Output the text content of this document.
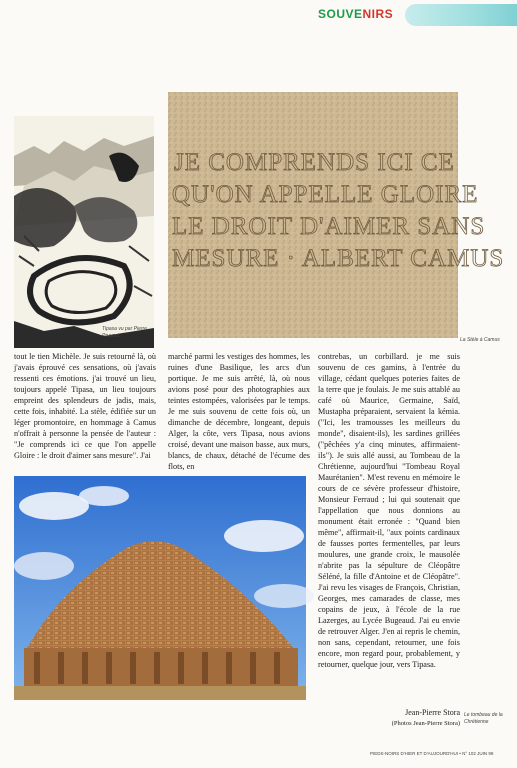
SOUVENIRS
Tipasa vu par Pierre Pruvost
JE COMPRENDS ICI CE
QU'ON APPELLE GLOIRE
LE DROIT D'AIMER SANS
MESURE · ALBERT CAMUS
La Stèle à Camus

tout le tien Michèle. Je suis retourné là, où j'avais éprouvé ces sensations, où j'avais ressenti ces émotions. j'ai trouvé un lieu, toujours appelé Tipasa, un lieu toujours empreint des splendeurs de jadis, mais, cette fois, inhabité. La stèle, édifiée sur un léger promontoire, en hommage à Camus n'offrait à personne la pensée de l'auteur : "Je comprends ici ce que l'on appelle Gloire : le droit d'aimer sans mesure". J'ai

marché parmi les vestiges des hommes, les ruines d'une Basilique, les arcs d'un portique. Je me suis arrêté, là, où nous avions posé pour des photographies aux teintes estompées, valorisées par le temps. Je me suis souvenu de cette fois où, un dimanche de décembre, longeant, depuis Alger, la côte, vers Tipasa, nous avions croisé, devant une maison basse, aux murs, blancs, de chaux, détaché de l'écume des flots, en

contrebas, un corbillard. je me suis souvenu de ces gamins, à l'entrée du village, cédant quelques poteries faites de la terre que je foulais. Je me suis attablé au café où Maurice, Germaine, Saïd, Mustapha préparaient, servaient la kémia. ("Ici, les tramousses les meilleurs du monde", disaient-ils), les sardines grillées ("pêchées y'a cinq minutes, affirmaient-ils"). Je suis allé aussi, au Tombeau de la Chrétienne, aujourd'hui "Tombeau Royal Maurétanien". M'est revenu en mémoire le cours de ce sévère professeur d'histoire, Monsieur Ferraud ; lui qui soutenait que l'appellation que nous donnions au monument était erronée : "Quand bien même", affirmait-il, "aux points cardinaux de fausses portes fermentelles, par leurs moulures, une grande croix, le mausolée n'abrite pas la sépulture de Cléopâtre Séléné, la fille d'Antoine et de Cléopâtre". J'ai revu les visages de François, Christian, Georges, mes camarades de classe, mes copains de jeux, à l'école de la rue Lazerges, au Lycée Bugeaud. J'ai eu envie de retrouver Alger. J'en ai repris le chemin, non sans, cependant, retourner, une fois encore, mon regard pour, probablement, y retourner, quelque jour, vers Tipasa.

Jean-Pierre Stora
(Photos Jean-Pierre Stora)
Le tombeau de la Chrétienne
PIEDS-NOIRS D'HIER ET D'AUJOURD'HUI • N° 102 JUIN 99
